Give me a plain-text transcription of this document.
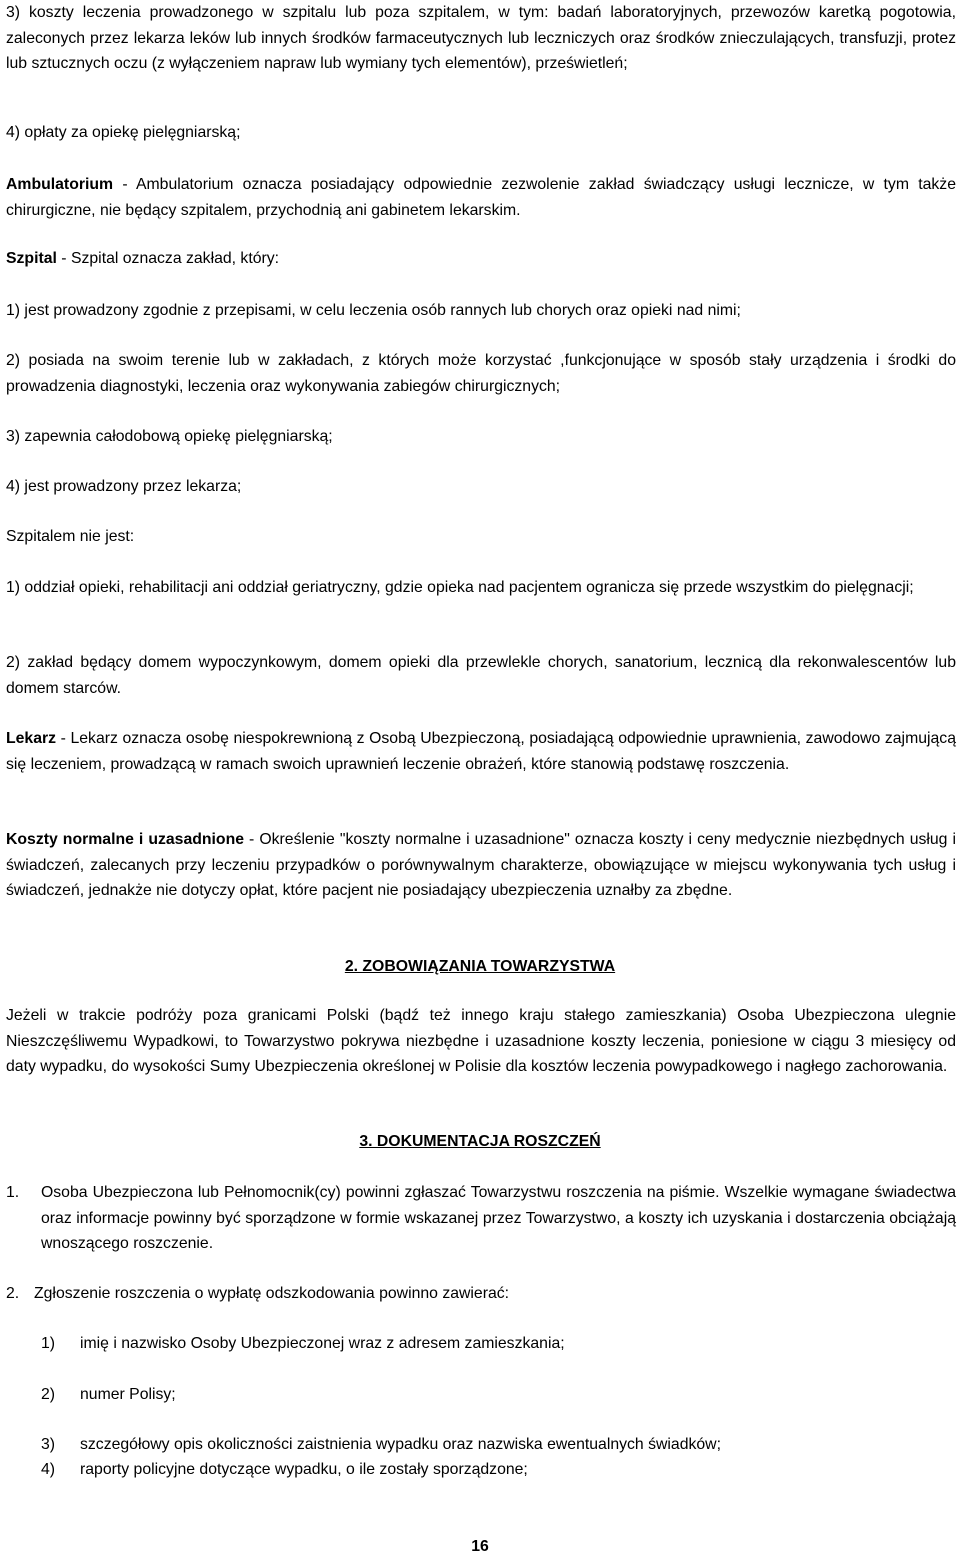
3) koszty leczenia prowadzonego w szpitalu lub poza szpitalem, w tym: badań laboratoryjnych, przewozów karetką pogotowia, zaleconych przez lekarza leków lub innych środków farmaceutycznych lub leczniczych oraz środków znieczulających, transfuzji, protez lub sztucznych oczu (z wyłączeniem napraw lub wymiany tych elementów), prześwietleń;

4) opłaty za opiekę pielęgniarską;

Ambulatorium - Ambulatorium oznacza posiadający odpowiednie zezwolenie zakład świadczący usługi lecznicze, w tym także chirurgiczne, nie będący szpitalem, przychodnią ani gabinetem lekarskim.

Szpital - Szpital oznacza zakład, który:

1) jest prowadzony zgodnie z przepisami, w celu leczenia osób rannych lub chorych oraz opieki nad nimi;

2) posiada na swoim terenie lub w zakładach, z których może korzystać ,funkcjonujące w sposób stały urządzenia i środki do prowadzenia diagnostyki, leczenia oraz wykonywania zabiegów chirurgicznych;

3) zapewnia całodobową opiekę pielęgniarską;

4) jest prowadzony przez lekarza;

Szpitalem nie jest:

1) oddział opieki, rehabilitacji ani oddział geriatryczny, gdzie opieka nad pacjentem ogranicza się przede wszystkim do pielęgnacji;

2) zakład będący domem wypoczynkowym, domem opieki dla przewlekle chorych, sanatorium, lecznicą dla rekonwalescentów lub domem starców.

Lekarz - Lekarz oznacza osobę niespokrewnioną z Osobą Ubezpieczoną, posiadającą odpowiednie uprawnienia, zawodowo zajmującą się leczeniem, prowadzącą w ramach swoich uprawnień leczenie obrażeń, które stanowią podstawę roszczenia.

Koszty normalne i uzasadnione - Określenie "koszty normalne i uzasadnione" oznacza koszty i ceny medycznie niezbędnych usług i świadczeń, zalecanych przy leczeniu przypadków o porównywalnym charakterze, obowiązujące w miejscu wykonywania tych usług i świadczeń, jednakże nie dotyczy opłat, które pacjent nie posiadający ubezpieczenia uznałby za zbędne.

2. ZOBOWIĄZANIA TOWARZYSTWA

Jeżeli w trakcie podróży poza granicami Polski (bądź też innego kraju stałego zamieszkania) Osoba Ubezpieczona ulegnie Nieszczęśliwemu Wypadkowi, to Towarzystwo pokrywa niezbędne i uzasadnione koszty leczenia, poniesione w ciągu 3 miesięcy od daty wypadku, do wysokości Sumy Ubezpieczenia określonej w Polisie dla kosztów leczenia powypadkowego i nagłego zachorowania.

3. DOKUMENTACJA ROSZCZEŃ
1.	Osoba Ubezpieczona lub Pełnomocnik(cy) powinni zgłaszać Towarzystwu roszczenia na piśmie. Wszelkie wymagane świadectwa oraz informacje powinny być sporządzone w formie wskazanej przez Towarzystwo, a koszty ich uzyskania i dostarczenia obciążają wnoszącego roszczenie.
2. Zgłoszenie roszczenia o wypłatę odszkodowania powinno zawierać:
1)	imię i nazwisko Osoby Ubezpieczonej wraz z adresem zamieszkania;
2)	numer Polisy;
3)	szczegółowy opis okoliczności zaistnienia wypadku oraz nazwiska ewentualnych świadków;
4)	raporty policyjne dotyczące wypadku, o ile zostały sporządzone;
16
